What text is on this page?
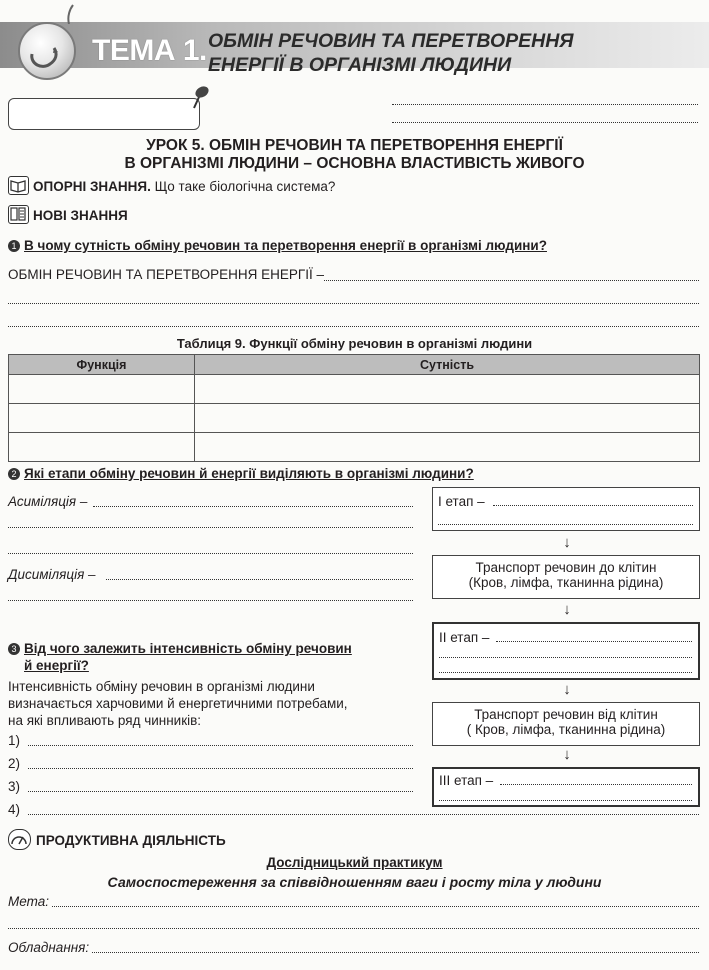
ТЕМА 1. ОБМІН РЕЧОВИН ТА ПЕРЕТВОРЕННЯ
ЕНЕРГІЇ В ОРГАНІЗМІ ЛЮДИНИ
УРОК 5. ОБМІН РЕЧОВИН ТА ПЕРЕТВОРЕННЯ ЕНЕРГІЇ
В ОРГАНІЗМІ ЛЮДИНИ – ОСНОВНА ВЛАСТИВІСТЬ ЖИВОГО
ОПОРНІ ЗНАННЯ. Що таке біологічна система?
НОВІ ЗНАННЯ
1 В чому сутність обміну речовин та перетворення енергії в організмі людини?
ОБМІН РЕЧОВИН ТА ПЕРЕТВОРЕННЯ ЕНЕРГІЇ –
Таблиця 9. Функції обміну речовин в організмі людини
Функція	Сутність

2 Які етапи обміну речовин й енергії виділяють в організмі людини?
Асиміляція –
Дисиміляція –
І етап –
↓
Транспорт речовин до клітин
(Кров, лімфа, тканинна рідина)
↓
ІІ етап –
↓
Транспорт речовин від клітин
( Кров, лімфа, тканинна рідина)
↓
ІІІ етап –
3 Від чого залежить інтенсивність обміну речовин
й енергії?
Інтенсивність обміну речовин в організмі людини
визначається харчовими й енергетичними потребами,
на які впливають ряд чинників:
1)
2)
3)
4)
ПРОДУКТИВНА ДІЯЛЬНІСТЬ
Дослідницький практикум
Самоспостереження за співвідношенням ваги і росту тіла у людини
Мета:
Обладнання:
